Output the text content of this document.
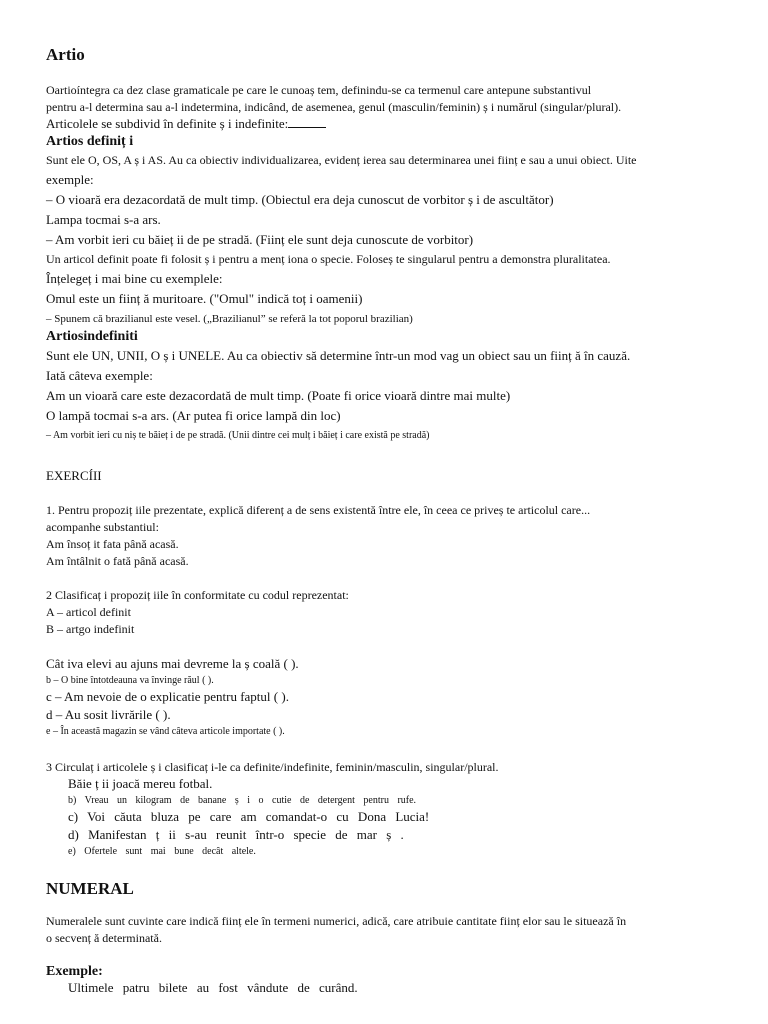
Artio
Oartioíntegra ca dez clase gramaticale pe care le cunoaș tem, definindu-se ca termenul care antepune substantivul
pentru a-l determina sau a-l indetermina, indicând, de asemenea, genul (masculin/feminin) ș i numărul (singular/plural).
Articolele se subdivid în definite ș i indefinite:
Artios definiț i
Sunt ele O, OS, A ș i AS. Au ca obiectiv individualizarea, evidenț ierea sau determinarea unei ființ e sau a unui obiect. Uite
exemple:
– O vioară era dezacordată de mult timp. (Obiectul era deja cunoscut de vorbitor ș i de ascultător)
Lampa tocmai s-a ars.
– Am vorbit ieri cu băieț ii de pe stradă. (Ființ ele sunt deja cunoscute de vorbitor)
Un articol definit poate fi folosit ș i pentru a menț iona o specie. Foloseș te singularul pentru a demonstra pluralitatea.
Înțelegeț i mai bine cu exemplele:
Omul este un ființ ă muritoare. ("Omul" indică toț i oamenii)
– Spunem că brazilianul este vesel. („Brazilianul” se referă la tot poporul brazilian)
Artiosindefiniti
Sunt ele UN, UNII, O ș i UNELE. Au ca obiectiv să determine într-un mod vag un obiect sau un ființ ă în cauză.
Iată câteva exemple:
Am un vioară care este dezacordată de mult timp. (Poate fi orice vioară dintre mai multe)
O lampă tocmai s-a ars. (Ar putea fi orice lampă din loc)
– Am vorbit ieri cu niș te băieț i de pe stradă. (Unii dintre cei mulț i băieț i care există pe stradă)
EXERCÍII
1. Pentru propoziț iile prezentate, explică diferenț a de sens existentă între ele, în ceea ce priveș te articolul care...
acompanhe substantiul:
Am însoț it fata până acasă.
Am întâlnit o fată până acasă.
2 Clasificaț i propoziț iile în conformitate cu codul reprezentat:
A – articol definit
B – artgo indefinit
Cât iva elevi au ajuns mai devreme la ș coală ( ).
b – O bine întotdeauna va învinge răul ( ).
c – Am nevoie de o explicatie pentru faptul ( ).
d – Au sosit livrările ( ).
e – În această magazin se vând câteva articole importate ( ).
3 Circulaț i articolele ș i clasificaț i-le ca definite/indefinite, feminin/masculin, singular/plural.
Băie ț ii joacă mereu fotbal.
b) Vreau un kilogram de banane ș i o cutie de detergent pentru rufe.
c) Voi căuta bluza pe care am comandat-o cu Dona Lucia!
d) Manifestan ț ii s-au reunit într-o specie de mar ș .
e) Ofertele sunt mai bune decât altele.
NUMERAL
Numeralele sunt cuvinte care indică ființ ele în termeni numerici, adică, care atribuie cantitate ființ elor sau le situează în
o secvenț ă determinată.
Exemple:
Ultimele patru bilete au fost vândute de curând.
